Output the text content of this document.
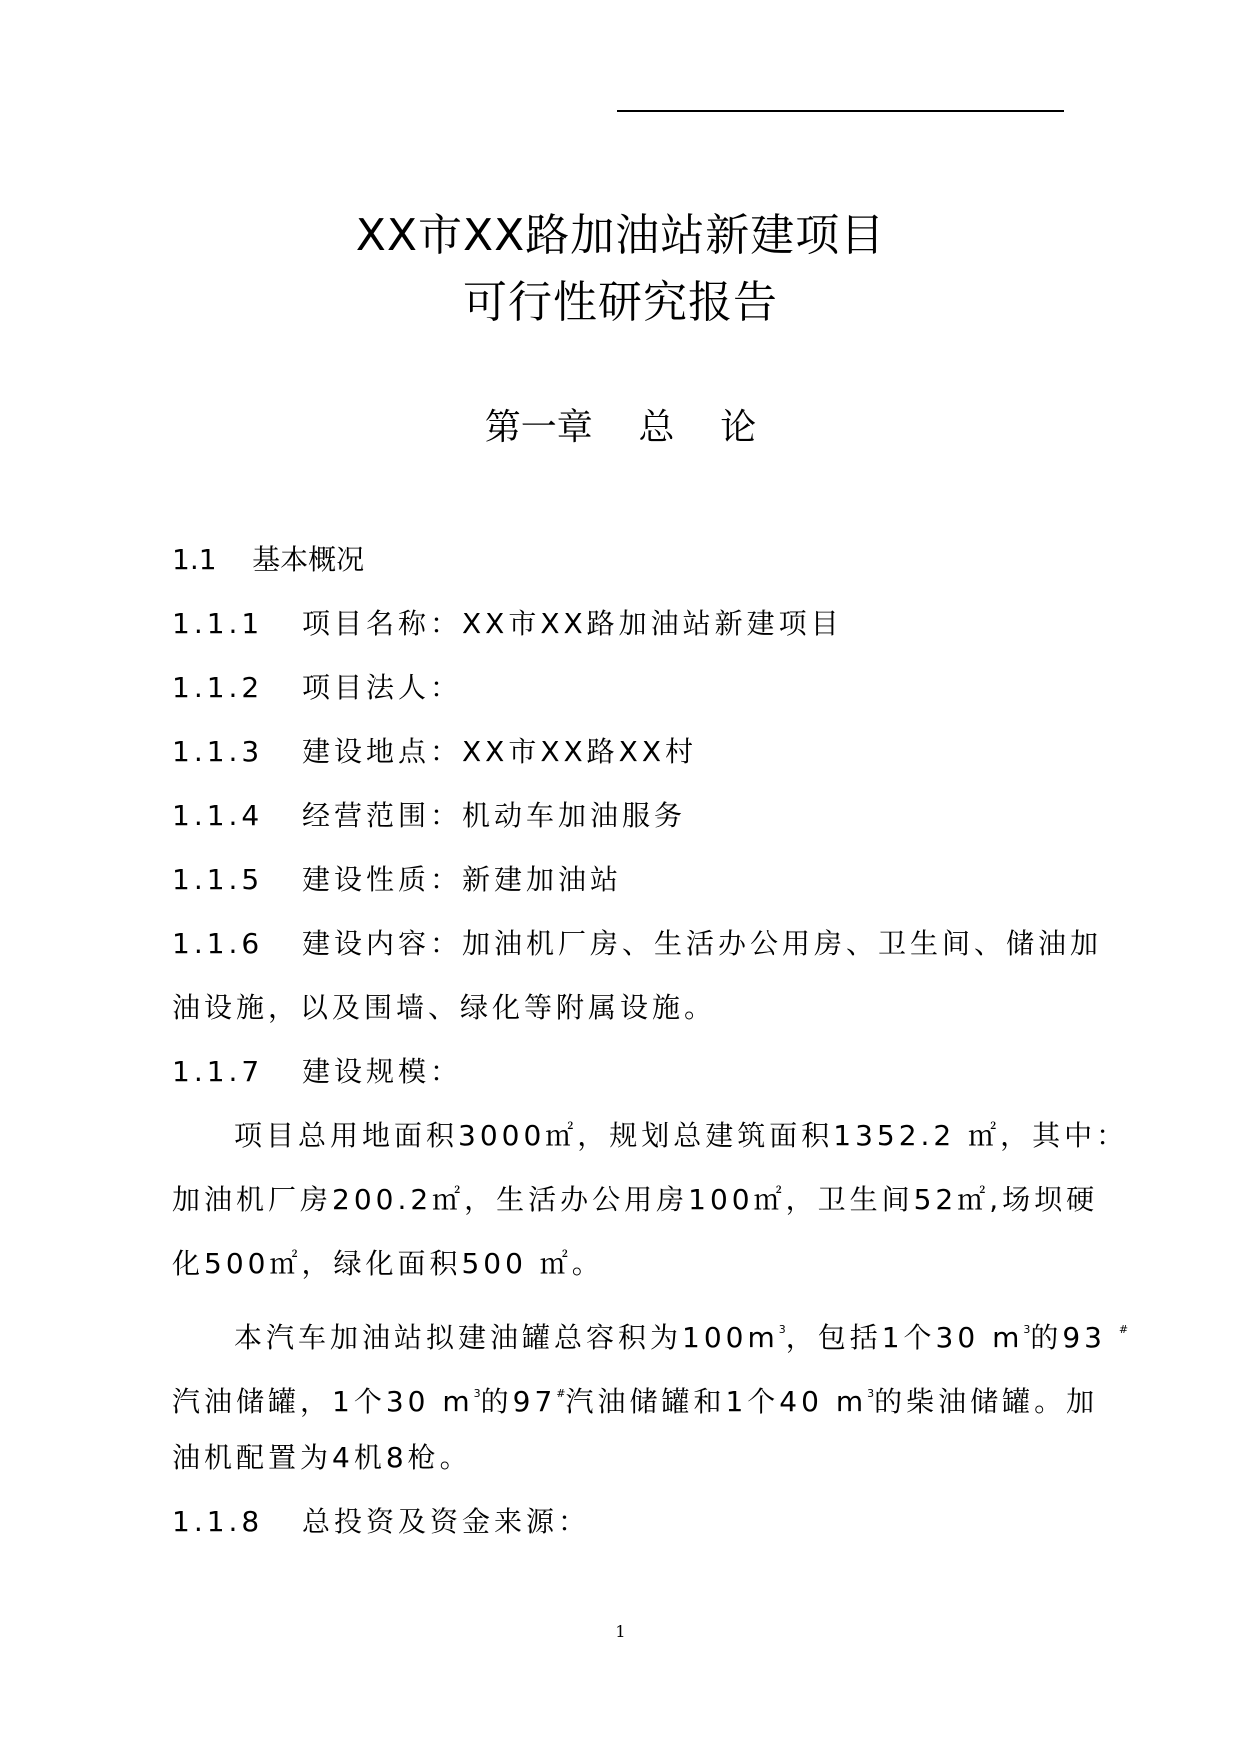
XX市XX路加油站新建项目
可行性研究报告
第一章    总    论
1.1 基本概况
1.1.1 项目名称：XX市XX路加油站新建项目
1.1.2 项目法人：
1.1.3 建设地点：XX市XX路XX村
1.1.4 经营范围：机动车加油服务
1.1.5 建设性质：新建加油站
1.1.6 建设内容：加油机厂房、生活办公用房、卫生间、储油加
油设施，以及围墙、绿化等附属设施。
1.1.7 建设规模：
项目总用地面积3000㎡，规划总建筑面积1352.2 ㎡，其中：
加油机厂房200.2㎡，生活办公用房100㎡，卫生间52㎡,场坝硬
化500㎡，绿化面积500 ㎡。
本汽车加油站拟建油罐总容积为$100m^3$，包括1个30 $m^3$的93 #
汽油储罐，1个30 $m^3$的97#汽油储罐和1个40 $m^3$的柴油储罐。加
油机配置为4机8枪。
1.1.8 总投资及资金来源：
1
